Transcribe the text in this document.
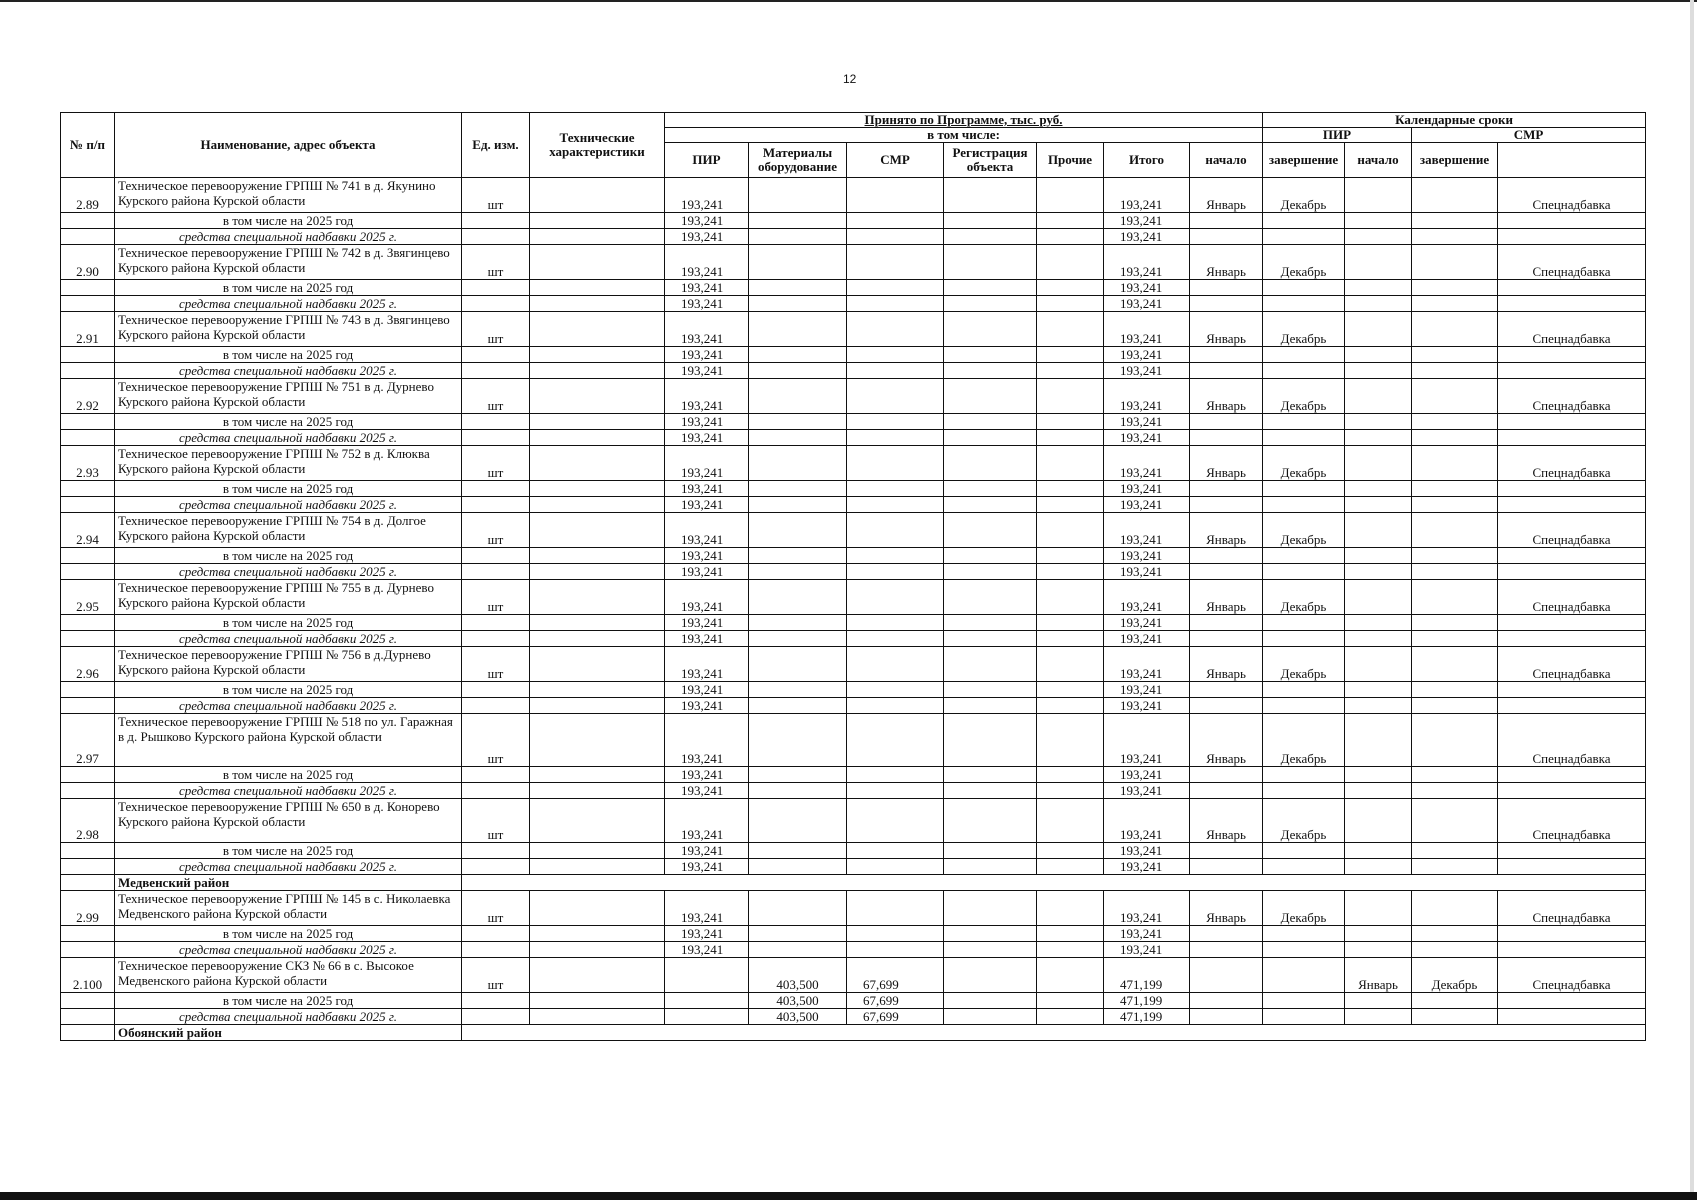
12
№ п/п	Наименование, адрес объекта	Ед. изм.	Технические характеристики	Принято по Программе, тыс. руб.							Календарные сроки	
				в том числе:							ПИР		СМР		
				ПИР	Материалы оборудование	СМР	Регистрация объекта	Прочие	Итого	начало	завершение	начало	завершение		
2.89	Техническое перевооружение ГРПШ № 741 в д. Якунино Курского района Курской области	шт		193,241					193,241	Январь	Декабрь			Спецнадбавка	
	в том числе на 2025 год			193,241					193,241						
	средства специальной надбавки 2025 г.			193,241					193,241						
2.90	Техническое перевооружение ГРПШ № 742 в д. Звягинцево Курского района Курской области	шт		193,241					193,241	Январь	Декабрь			Спецнадбавка	
	в том числе на 2025 год			193,241					193,241						
	средства специальной надбавки 2025 г.			193,241					193,241						
2.91	Техническое перевооружение ГРПШ № 743 в д. Звягинцево Курского района Курской области	шт		193,241					193,241	Январь	Декабрь			Спецнадбавка	
	в том числе на 2025 год			193,241					193,241						
	средства специальной надбавки 2025 г.			193,241					193,241						
2.92	Техническое перевооружение ГРПШ № 751 в д. Дурнево Курского района Курской области	шт		193,241					193,241	Январь	Декабрь			Спецнадбавка	
	в том числе на 2025 год			193,241					193,241						
	средства специальной надбавки 2025 г.			193,241					193,241						
2.93	Техническое перевооружение ГРПШ № 752 в д. Клюква Курского района Курской области	шт		193,241					193,241	Январь	Декабрь			Спецнадбавка	
	в том числе на 2025 год			193,241					193,241						
	средства специальной надбавки 2025 г.			193,241					193,241						
2.94	Техническое перевооружение ГРПШ № 754 в д. Долгое Курского района Курской области	шт		193,241					193,241	Январь	Декабрь			Спецнадбавка	
	в том числе на 2025 год			193,241					193,241						
	средства специальной надбавки 2025 г.			193,241					193,241						
2.95	Техническое перевооружение ГРПШ № 755 в д. Дурнево Курского района Курской области	шт		193,241					193,241	Январь	Декабрь			Спецнадбавка	
	в том числе на 2025 год			193,241					193,241						
	средства специальной надбавки 2025 г.			193,241					193,241						
2.96	Техническое перевооружение ГРПШ № 756 в д.Дурнево Курского района Курской области	шт		193,241					193,241	Январь	Декабрь			Спецнадбавка	
	в том числе на 2025 год			193,241					193,241						
	средства специальной надбавки 2025 г.			193,241					193,241						
2.97	Техническое перевооружение ГРПШ № 518 по ул. Гаражная в д. Рышково Курского района Курской области	шт		193,241					193,241	Январь	Декабрь			Спецнадбавка	
	в том числе на 2025 год			193,241					193,241						
	средства специальной надбавки 2025 г.			193,241					193,241						
2.98	Техническое перевооружение ГРПШ № 650 в д. Конорево Курского района Курской области	шт		193,241					193,241	Январь	Декабрь			Спецнадбавка	
	в том числе на 2025 год			193,241					193,241						
	средства специальной надбавки 2025 г.			193,241					193,241						
	Медвенский район														
2.99	Техническое перевооружение ГРПШ № 145 в с. Николаевка Медвенского района Курской области	шт		193,241					193,241	Январь	Декабрь			Спецнадбавка	
	в том числе на 2025 год			193,241					193,241						
	средства специальной надбавки 2025 г.			193,241					193,241						
2.100	Техническое перевооружение СКЗ № 66 в с. Высокое Медвенского района Курской области	шт			403,500	67,699			471,199			Январь	Декабрь	Спецнадбавка	
	в том числе на 2025 год				403,500	67,699			471,199						
	средства специальной надбавки 2025 г.				403,500	67,699			471,199						
	Обоянский район														
